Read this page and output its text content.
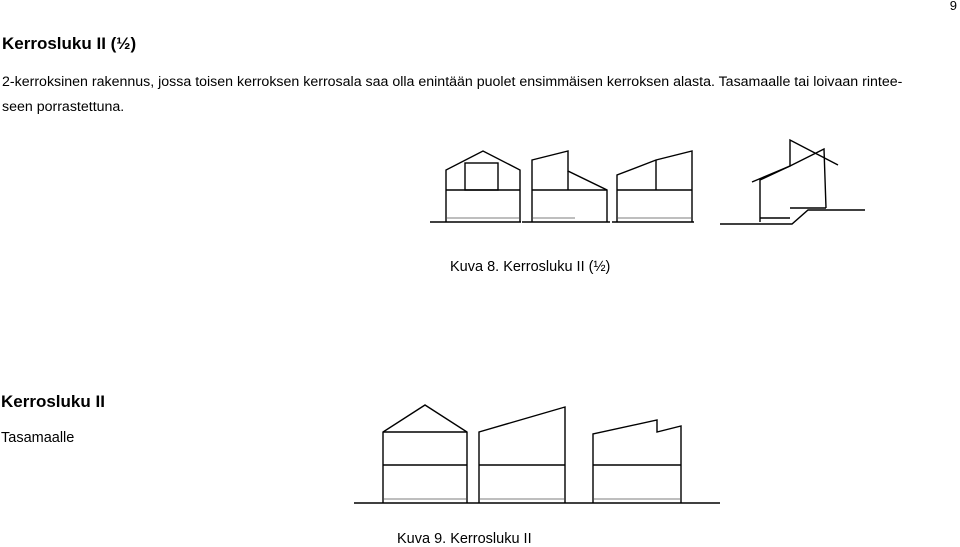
9
Kerrosluku II (½)

2-kerroksinen rakennus, jossa toisen kerroksen kerrosala saa olla enintään puolet ensimmäisen kerroksen alasta. Tasamaalle tai loivaan rintee-

seen porrastettuna.

Kuva 8. Kerrosluku II (½)
Kerrosluku II
Tasamaalle
Kuva 9. Kerrosluku II
